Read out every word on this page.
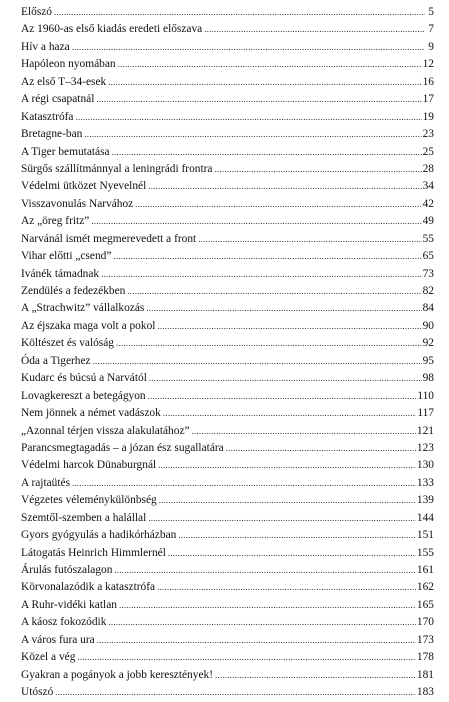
Előszó .....	5
Az 1960-as első kiadás eredeti előszava .....	7
Hív a haza .....	9
Hapóleon nyomában .....	12
Az első T–34-esek .....	16
A régi csapatnál .....	17
Katasztrófa .....	19
Bretagne-ban .....	23
A Tiger bemutatása .....	25
Sürgős szállítmánnyal a leningrádi frontra .....	28
Védelmi ütközet Nyevelnél .....	34
Visszavonulás Narvához .....	42
Az „öreg fritz” .....	49
Narvánál ismét megmerevedett a front .....	55
Vihar előtti „csend” .....	65
Ivánék támadnak .....	73
Zendülés a fedezékben .....	82
A „Strachwitz” vállalkozás .....	84
Az éjszaka maga volt a pokol .....	90
Költészet és valóság .....	92
Óda a Tigerhez .....	95
Kudarc és búcsú a Narvától .....	98
Lovagkereszt a betegágyon .....	110
Nem jönnek a német vadászok .....	117
„Azonnal térjen vissza alakulatához” .....	121
Parancsmegtagadás – a józan ész sugallatára .....	123
Védelmi harcok Dünaburgnál .....	130
A rajtaütés .....	133
Végzetes véleménykülönbség .....	139
Szemtől-szemben a halállal .....	144
Gyors gyógyulás a hadikórházban .....	151
Látogatás Heinrich Himmlernél .....	155
Árulás futószalagon .....	161
Körvonalazódik a katasztrófa .....	162
A Ruhr-vidéki katlan .....	165
A káosz fokozódik .....	170
A város fura ura .....	173
Közel a vég .....	178
Gyakran a pogányok a jobb keresztények! .....	181
Utószó .....	183
